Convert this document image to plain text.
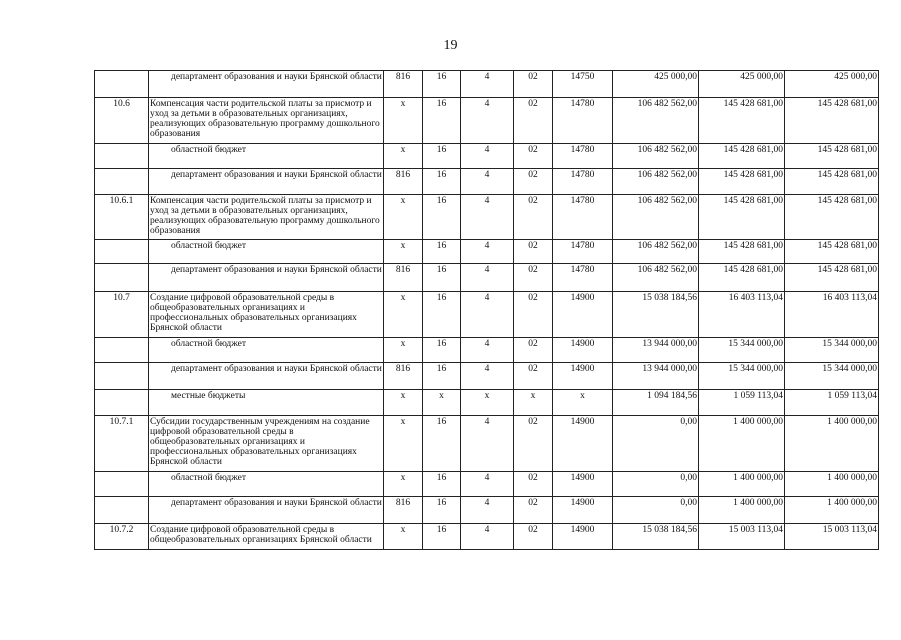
19
	департамент образования и науки Брянской области	816	16	4	02	14750	425 000,00	425 000,00	425 000,00
10.6	Компенсация части родительской платы за присмотр и уход за детьми в образовательных организациях, реализующих образовательную программу дошкольного образования	x	16	4	02	14780	106 482 562,00	145 428 681,00	145 428 681,00
	областной бюджет	x	16	4	02	14780	106 482 562,00	145 428 681,00	145 428 681,00
	департамент образования и науки Брянской области	816	16	4	02	14780	106 482 562,00	145 428 681,00	145 428 681,00
10.6.1	Компенсация части родительской платы за присмотр и уход за детьми в образовательных организациях, реализующих образовательную программу дошкольного образования	x	16	4	02	14780	106 482 562,00	145 428 681,00	145 428 681,00
	областной бюджет	x	16	4	02	14780	106 482 562,00	145 428 681,00	145 428 681,00
	департамент образования и науки Брянской области	816	16	4	02	14780	106 482 562,00	145 428 681,00	145 428 681,00
10.7	Создание цифровой образовательной среды в общеобразовательных организациях и профессиональных образовательных организациях Брянской области	x	16	4	02	14900	15 038 184,56	16 403 113,04	16 403 113,04
	областной бюджет	x	16	4	02	14900	13 944 000,00	15 344 000,00	15 344 000,00
	департамент образования и науки Брянской области	816	16	4	02	14900	13 944 000,00	15 344 000,00	15 344 000,00
	местные бюджеты	x	x	x	x	x	1 094 184,56	1 059 113,04	1 059 113,04
10.7.1	Субсидии государственным учреждениям на создание цифровой образовательной среды в общеобразовательных организациях и профессиональных образовательных организациях Брянской области	x	16	4	02	14900	0,00	1 400 000,00	1 400 000,00
	областной бюджет	x	16	4	02	14900	0,00	1 400 000,00	1 400 000,00
	департамент образования и науки Брянской области	816	16	4	02	14900	0,00	1 400 000,00	1 400 000,00
10.7.2	Создание цифровой образовательной среды в общеобразовательных организациях Брянской области	x	16	4	02	14900	15 038 184,56	15 003 113,04	15 003 113,04
